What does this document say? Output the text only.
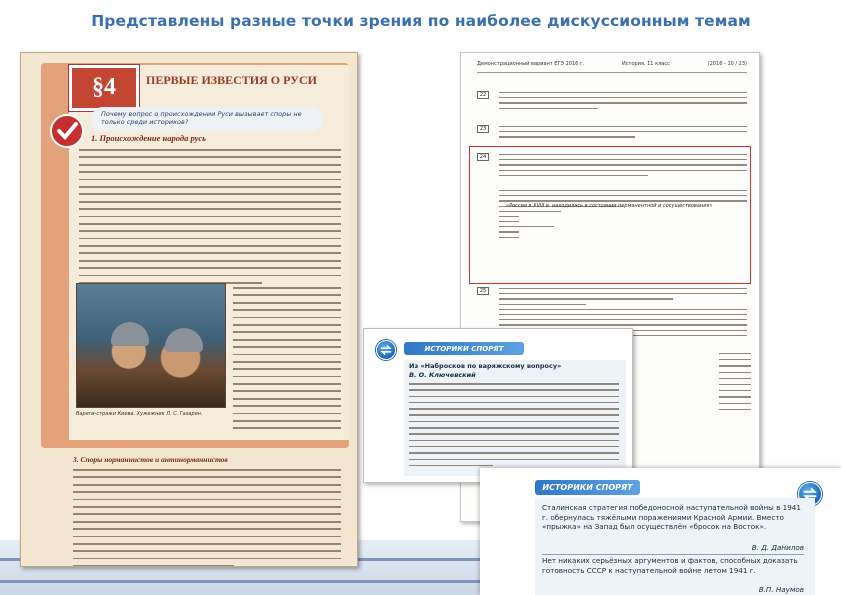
Представлены разные точки зрения по наиболее дискуссионным темам
§4	ПЕРВЫЕ ИЗВЕСТИЯ О РУСИ
Почему вопрос о происхождении Руси вызывает споры не только среди историков?
1. Происхождение народа русь
Варяги-стражи Киева. Хужежник Л. С. Газарян.
3. Споры норманнистов и антинорманнистов
Демонстрационный вариант ЕГЭ 2016 г.	История, 11 класс	(2016 - 10 / 23)
22
23
24
«Россия в XVIII в. находилась в состоянии перманентной и сосуществования»
25
ИСТОРИКИ СПОРЯТ
Из «Набросков по варяжскому вопросу»
В. О. Ключевский
ИСТОРИКИ СПОРЯТ
Сталинская стратегия победоносной наступательной войны в 1941 г. обернулась тяжёлыми поражениями Красной Армии. Вместо «прыжка» на Запад был осуществлён «бросок на Восток».
В. Д. Данилов
Нет никаких серьёзных аргументов и фактов, способных доказать готовность СССР к наступательной войне летом 1941 г.
В.П. Наумов
